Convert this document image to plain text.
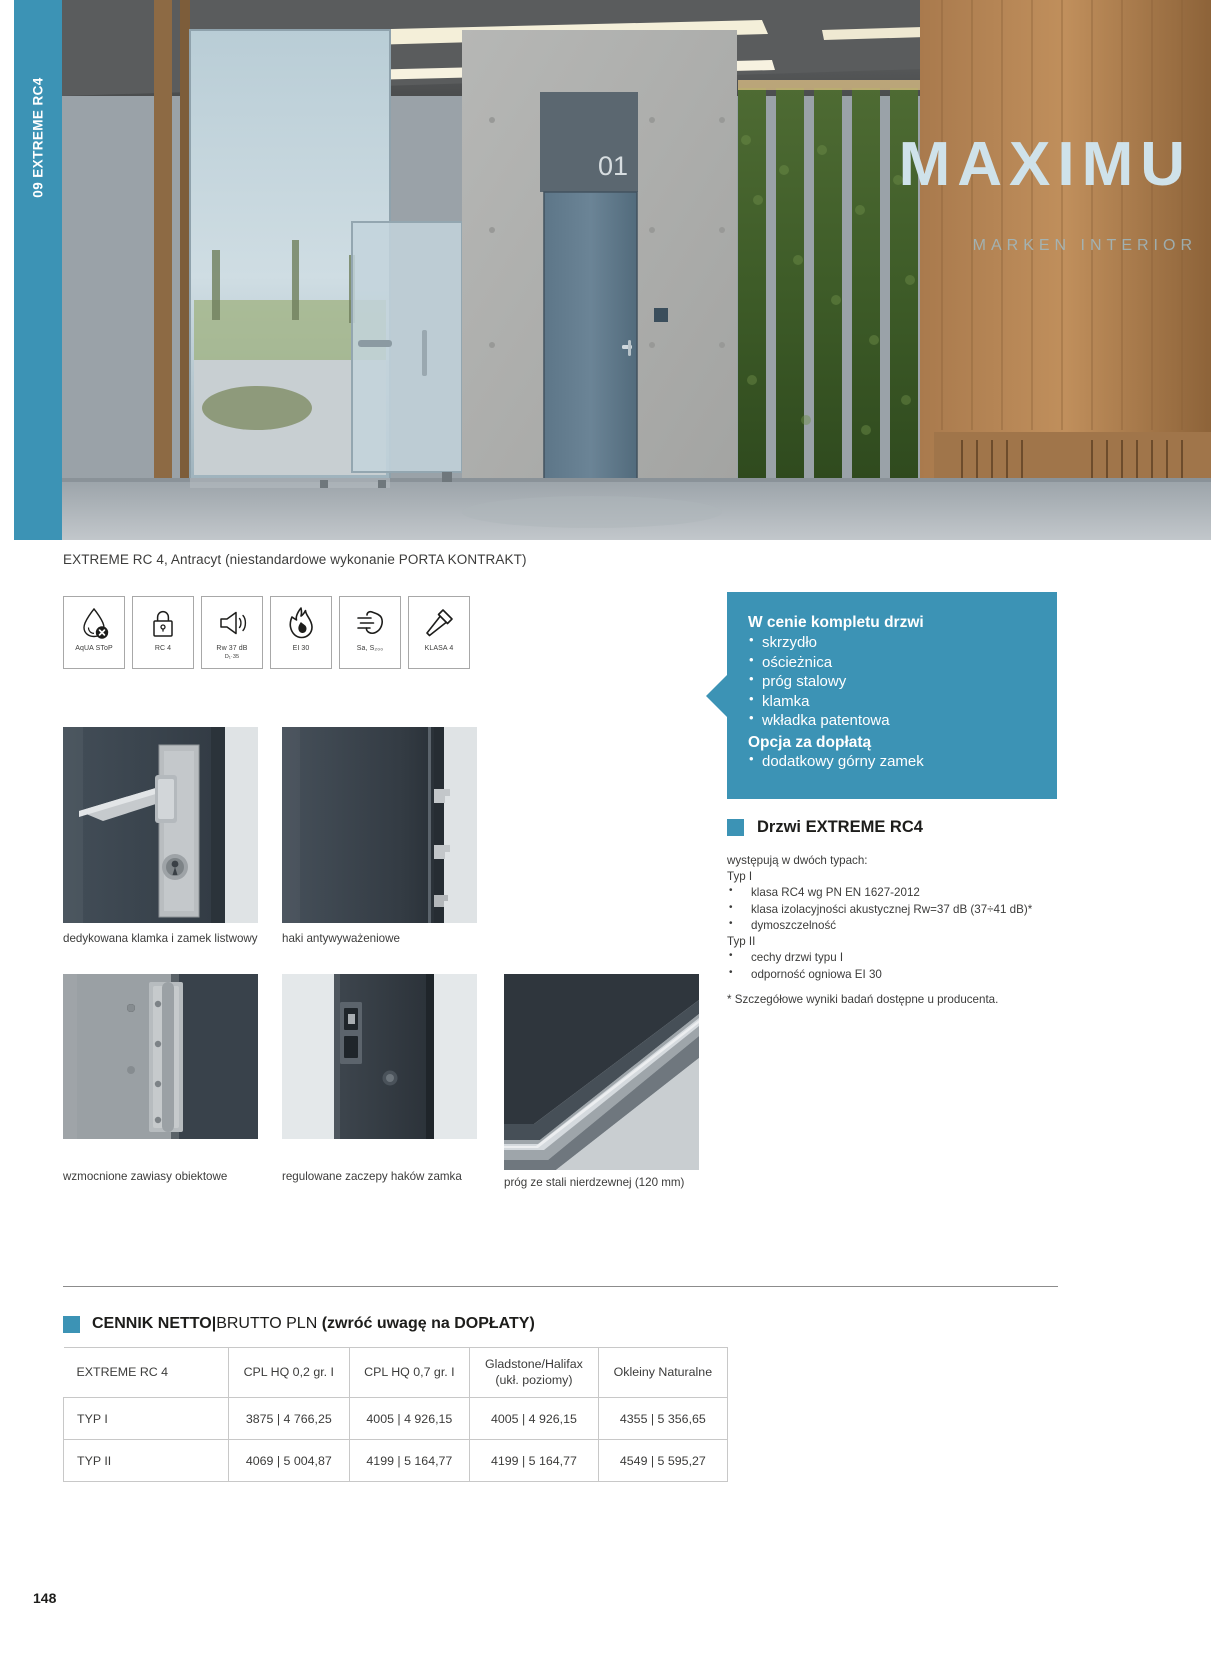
09 EXTREME RC4	01	MAXIMU
MARKEN INTERIOR
EXTREME RC 4, Antracyt (niestandardowe wykonanie PORTA KONTRAKT)
AqUA SToP	RC 4	Rw 37 dB
D₁·35
EI 30	Sa, S₂₀₀	KLASA 4
W cenie kompletu drzwi
• skrzydło
• ościeżnica
• próg stalowy
• klamka
• wkładka patentowa
Opcja za dopłatą
• dodatkowy górny zamek
Drzwi EXTREME RC4
występują w dwóch typach:
Typ I
• klasa RC4 wg PN EN 1627-2012
• klasa izolacyjności akustycznej Rw=37 dB (37÷41 dB)*
• dymoszczelność
Typ II
• cechy drzwi typu I
• odporność ogniowa EI 30
* Szczegółowe wyniki badań dostępne u producenta.
dedykowana klamka i zamek listwowy haki antywyważeniowe
wzmocnione zawiasy obiektowe	regulowane zaczepy haków zamka	próg ze stali nierdzewnej (120 mm)
CENNIK NETTO|BRUTTO PLN (zwróć uwagę na DOPŁATY)
EXTREME RC 4	CPL HQ 0,2 gr. I	CPL HQ 0,7 gr. I	Gladstone/Halifax
(ukł. poziomy)	Okleiny Naturalne
TYP I	3875 | 4 766,25	4005 | 4 926,15	4005 | 4 926,15	4355 | 5 356,65
TYP II	4069 | 5 004,87	4199 | 5 164,77	4199 | 5 164,77	4549 | 5 595,27
148
